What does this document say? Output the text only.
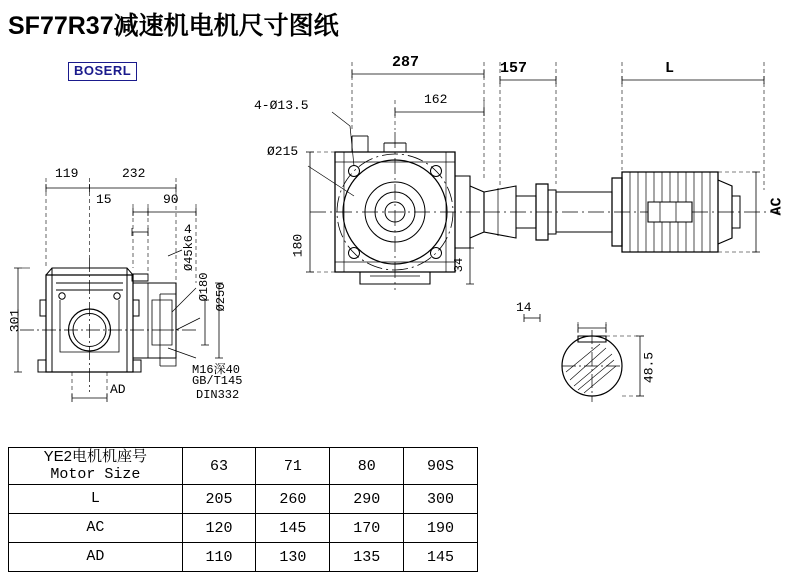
SF77R37减速机电机尺寸图纸
BOSERL
119	232
15	90
4
301
AD
Ø45k6
Ø180 Ø250
M16深40
GB/T145
DIN332
287
162
157	L
4-Ø13.5
Ø215
180
34
AC
14
48.5
YE2电机机座号
Motor Size	63	71	80	90S
L	205	260	290	300
AC	120	145	170	190
AD	110	130	135	145
